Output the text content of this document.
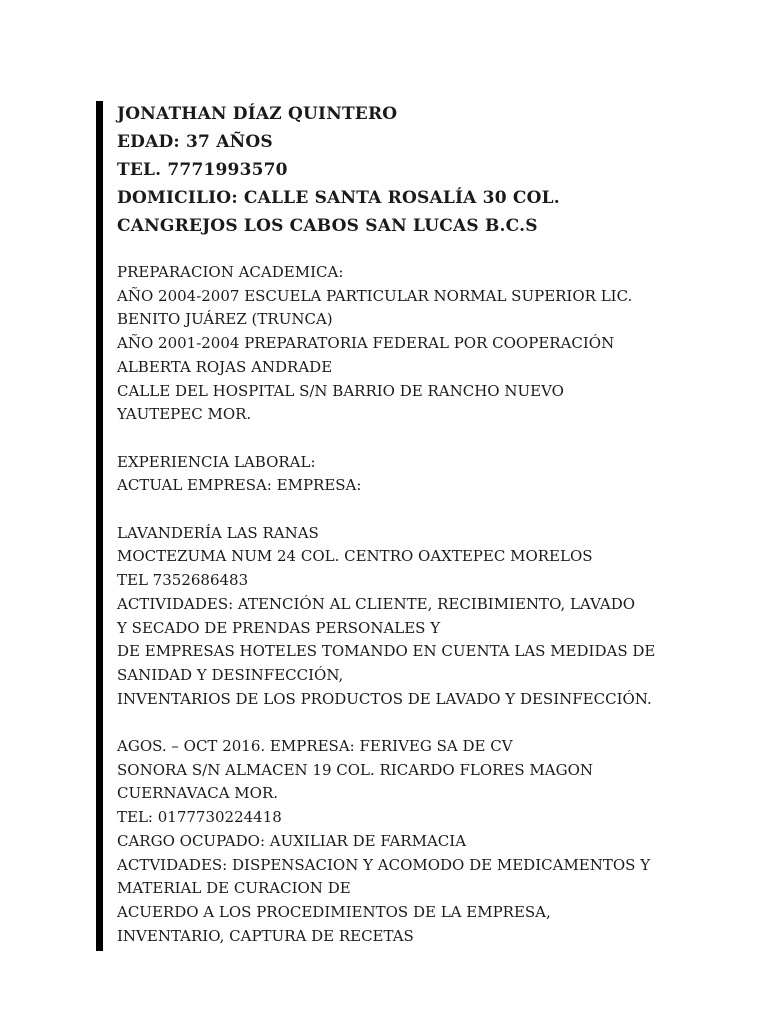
JONATHAN DÍAZ QUINTERO
EDAD: 37 AÑOS
TEL. 7771993570
DOMICILIO: CALLE SANTA ROSALÍA 30 COL.
CANGREJOS LOS CABOS SAN LUCAS B.C.S
PREPARACION ACADEMICA:
AÑO 2004-2007 ESCUELA PARTICULAR NORMAL SUPERIOR LIC.
BENITO JUÁREZ (TRUNCA)
AÑO 2001-2004 PREPARATORIA FEDERAL POR COOPERACIÓN
ALBERTA ROJAS ANDRADE
CALLE DEL HOSPITAL S/N BARRIO DE RANCHO NUEVO
YAUTEPEC MOR.
EXPERIENCIA LABORAL:
ACTUAL EMPRESA: EMPRESA:
LAVANDERÍA LAS RANAS
MOCTEZUMA NUM 24 COL. CENTRO OAXTEPEC MORELOS
TEL 7352686483
ACTIVIDADES: ATENCIÓN AL CLIENTE, RECIBIMIENTO, LAVADO
Y SECADO DE PRENDAS PERSONALES Y
DE EMPRESAS HOTELES TOMANDO EN CUENTA LAS MEDIDAS DE
SANIDAD Y DESINFECCIÓN,
INVENTARIOS DE LOS PRODUCTOS DE LAVADO Y DESINFECCIÓN.
AGOS. – OCT 2016. EMPRESA: FERIVEG SA DE CV
SONORA S/N ALMACEN 19 COL. RICARDO FLORES MAGON
CUERNAVACA MOR.
TEL: 0177730224418
CARGO OCUPADO: AUXILIAR DE FARMACIA
ACTVIDADES: DISPENSACION Y ACOMODO DE MEDICAMENTOS Y
MATERIAL DE CURACION DE
ACUERDO A LOS PROCEDIMIENTOS DE LA EMPRESA,
INVENTARIO, CAPTURA DE RECETAS
